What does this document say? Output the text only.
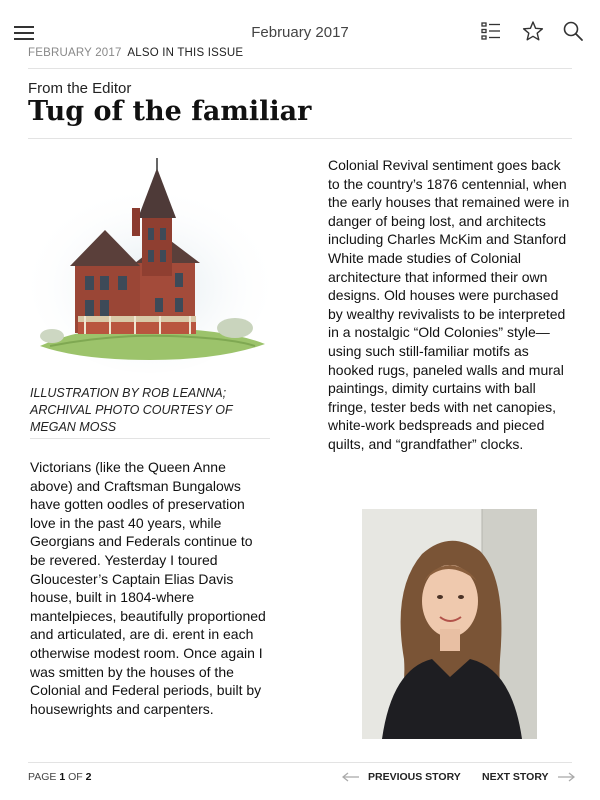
February 2017
FEBRUARY 2017 ALSO IN THIS ISSUE
From the Editor
Tug of the familiar
ILLUSTRATION BY ROB LEANNA; ARCHIVAL PHOTO COURTESY OF MEGAN MOSS

Victorians (like the Queen Anne above) and Craftsman Bungalows have gotten oodles of preservation love in the past 40 years, while Georgians and Federals continue to be revered. Yesterday I toured Gloucester’s Captain Elias Davis house, built in 1804-where mantelpieces, beautifully proportioned and articulated, are di. erent in each otherwise modest room. Once again I was smitten by the houses of the Colonial and Federal periods, built by housewrights and carpenters.

Colonial Revival sentiment goes back to the country’s 1876 centennial, when the early houses that remained were in danger of being lost, and architects including Charles McKim and Stanford White made studies of Colonial architecture that informed their own designs. Old houses were purchased by wealthy revivalists to be interpreted in a nostalgic “Old Colonies” style—using such still-familiar motifs as hooked rugs, paneled walls and mural paintings, dimity curtains with ball fringe, tester beds with net canopies, white-work bedspreads and pieced quilts, and “grandfather” clocks.

PAGE 1 OF 2	PREVIOUS STORY NEXT STORY
